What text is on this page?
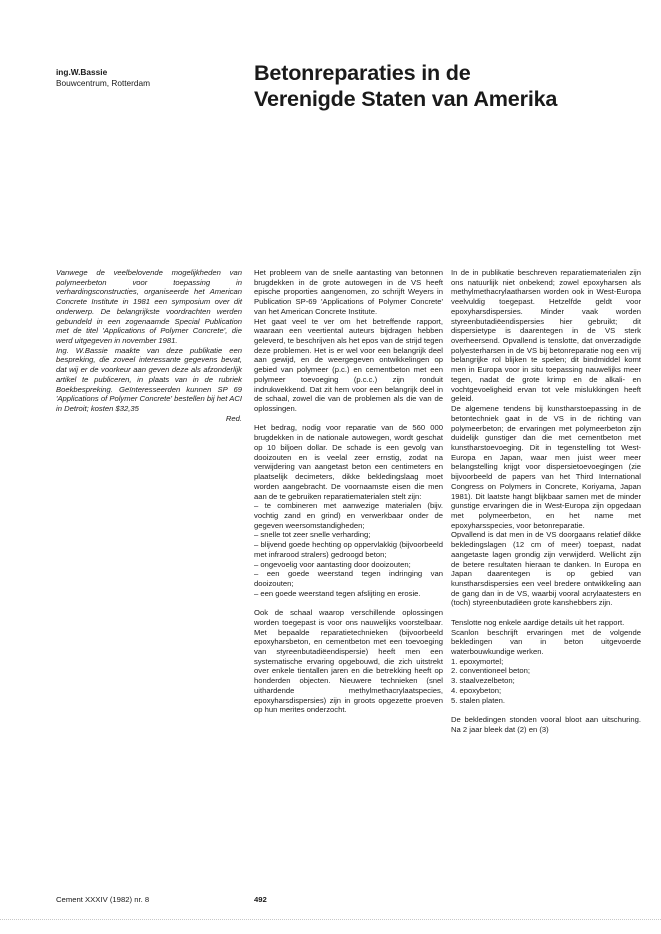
ing.W.Bassie
Bouwcentrum, Rotterdam	Betonreparaties in de
Verenigde Staten van Amerika

Vanwege de veelbelovende mogelijkheden van polymeerbeton voor toepassing in verhardingsconstructies, organiseerde het American Concrete Institute in 1981 een symposium over dit onderwerp. De belangrijkste voordrachten werden gebundeld in een zogenaamde Special Publication met de titel 'Applications of Polymer Concrete', die werd uitgegeven in november 1981.

Ing. W.Bassie maakte van deze publikatie een bespreking, die zoveel interessante gegevens bevat, dat wij er de voorkeur aan geven deze als afzonderlijk artikel te publiceren, in plaats van in de rubriek Boekbespreking. Geïnteresseerden kunnen SP 69 'Applications of Polymer Concrete' bestellen bij het ACI in Detroit; kosten $32,35

Red.

Het probleem van de snelle aantasting van betonnen brugdekken in de grote autowegen in de VS heeft epische proporties aangenomen, zo schrijft Weyers in Publication SP-69 'Applications of Polymer Concrete' van het American Concrete Institute.

Het gaat veel te ver om het betreffende rapport, waaraan een veertiental auteurs bijdragen hebben geleverd, te beschrijven als het epos van de strijd tegen deze problemen. Het is er wel voor een belangrijk deel aan gewijd, en de weergegeven ontwikkelingen op gebied van polymeer (p.c.) en cementbeton met een polymeer toevoeging (p.c.c.) zijn ronduit indrukwekkend. Dat zit hem voor een belangrijk deel in de schaal, zowel die van de problemen als die van de oplossingen.

Het bedrag, nodig voor reparatie van de 560 000 brugdekken in de nationale autowegen, wordt geschat op 10 biljoen dollar. De schade is een gevolg van dooizouten en is veelal zeer ernstig, zodat na verwijdering van aangetast beton een centimeters en plaatselijk decimeters, dikke bekledingslaag moet worden aangebracht. De voornaamste eisen die men aan de te gebruiken reparatiematerialen stelt zijn:

– te combineren met aanwezige materialen (bijv. vochtig zand en grind) en verwerkbaar onder de gegeven weersomstandigheden;
– snelle tot zeer snelle verharding;
– blijvend goede hechting op oppervlakkig (bijvoorbeeld met infrarood stralers) gedroogd beton;
– ongevoelig voor aantasting door dooizouten;
– een goede weerstand tegen indringing van dooizouten;
– een goede weerstand tegen afslijting en erosie.

Ook de schaal waarop verschillende oplossingen worden toegepast is voor ons nauwelijks voorstelbaar. Met bepaalde reparatietechnieken (bijvoorbeeld epoxyharsbeton, en cementbeton met een toevoeging van styreenbutadiëendispersie) heeft men een systematische ervaring opgebouwd, die zich uitstrekt over enkele tientallen jaren en die betrekking heeft op honderden objecten. Nieuwere technieken (snel uithardende methylmethacrylaatspecies, epoxyharsdispersies) zijn in groots opgezette proeven op hun merites onderzocht.

In de in publikatie beschreven reparatiematerialen zijn ons natuurlijk niet onbekend; zowel epoxyharsen als methylmethacrylaatharsen worden ook in West-Europa veelvuldig toegepast. Hetzelfde geldt voor epoxyharsdispersies. Minder vaak worden styreenbutadiëendispersies hier gebruikt; dit dispersietype is daarentegen in de VS sterk overheersend. Opvallend is tenslotte, dat onverzadigde polyesterharsen in de VS bij betonreparatie nog een vrij belangrijke rol blijken te spelen; dit bindmiddel komt men in Europa voor in situ toepassing nauwelijks meer tegen, nadat de grote krimp en de alkali- en vochtgevoeligheid ervan tot vele mislukkingen heeft geleid.

De algemene tendens bij kunstharstoepassing in de betontechniek gaat in de VS in de richting van polymeerbeton; de ervaringen met polymeerbeton zijn duidelijk gunstiger dan die met cementbeton met kunstharstoevoeging. Dit in tegenstelling tot West-Europa en Japan, waar men juist weer meer belangstelling krijgt voor dispersietoevoegingen (zie bijvoorbeeld de papers van het Third International Congress on Polymers in Concrete, Koriyama, Japan 1981). Dit laatste hangt blijkbaar samen met de minder gunstige ervaringen die in West-Europa zijn opgedaan met polymeerbeton, en het name met epoxyharsspecies, voor betonreparatie.

Opvallend is dat men in de VS doorgaans relatief dikke bekledingslagen (12 cm of meer) toepast, nadat aangetaste lagen grondig zijn verwijderd. Wellicht zijn de betere resultaten hieraan te danken. In Europa en Japan daarentegen is op gebied van kunstharsdispersies een veel bredere ontwikkeling aan de gang dan in de VS, waarbij vooral acrylaatesters en (toch) styreenbutadiëen grote kanshebbers zijn.

Tenslotte nog enkele aardige details uit het rapport.

Scanlon beschrijft ervaringen met de volgende bekledingen van in beton uitgevoerde waterbouwkundige werken.

1. epoxymortel;
2. conventioneel beton;
3. staalvezelbeton;
4. epoxybeton;
5. stalen platen.

De bekledingen stonden vooral bloot aan uitschuring. Na 2 jaar bleek dat (2) en (3)

Cement XXXIV (1982) nr. 8	492
